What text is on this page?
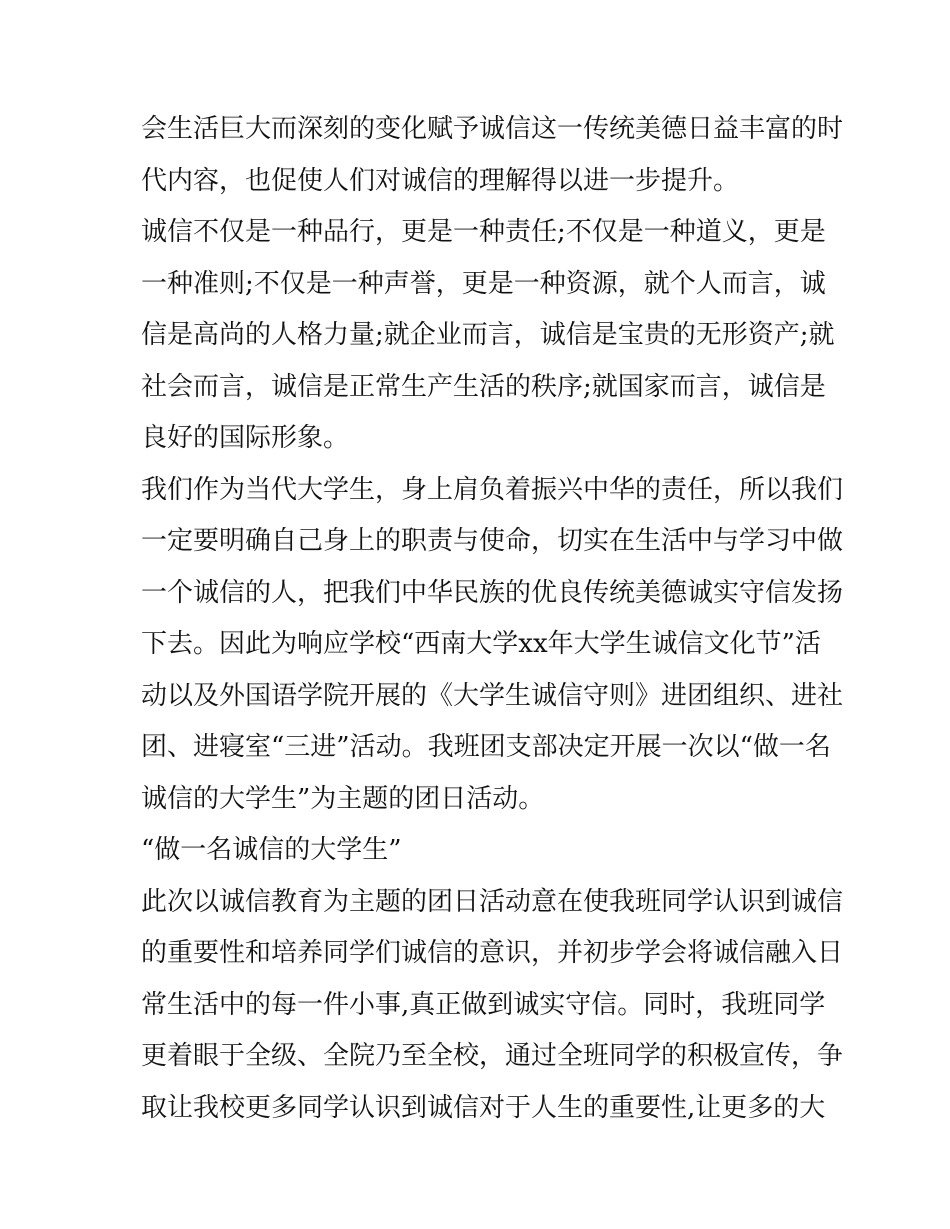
会生活巨大而深刻的变化赋予诚信这一传统美德日益丰富的时
代内容，也促使人们对诚信的理解得以进一步提升。
诚信不仅是一种品行，更是一种责任;不仅是一种道义，更是
一种准则;不仅是一种声誉，更是一种资源，就个人而言，诚
信是高尚的人格力量;就企业而言，诚信是宝贵的无形资产;就
社会而言，诚信是正常生产生活的秩序;就国家而言，诚信是
良好的国际形象。
我们作为当代大学生，身上肩负着振兴中华的责任，所以我们
一定要明确自己身上的职责与使命，切实在生活中与学习中做
一个诚信的人，把我们中华民族的优良传统美德诚实守信发扬
下去。因此为响应学校“西南大学xx年大学生诚信文化节”活
动以及外国语学院开展的《大学生诚信守则》进团组织、进社
团、进寝室“三进”活动。我班团支部决定开展一次以“做一名
诚信的大学生”为主题的团日活动。
“做一名诚信的大学生”
此次以诚信教育为主题的团日活动意在使我班同学认识到诚信
的重要性和培养同学们诚信的意识，并初步学会将诚信融入日
常生活中的每一件小事,真正做到诚实守信。同时，我班同学
更着眼于全级、全院乃至全校，通过全班同学的积极宣传，争
取让我校更多同学认识到诚信对于人生的重要性,让更多的大
